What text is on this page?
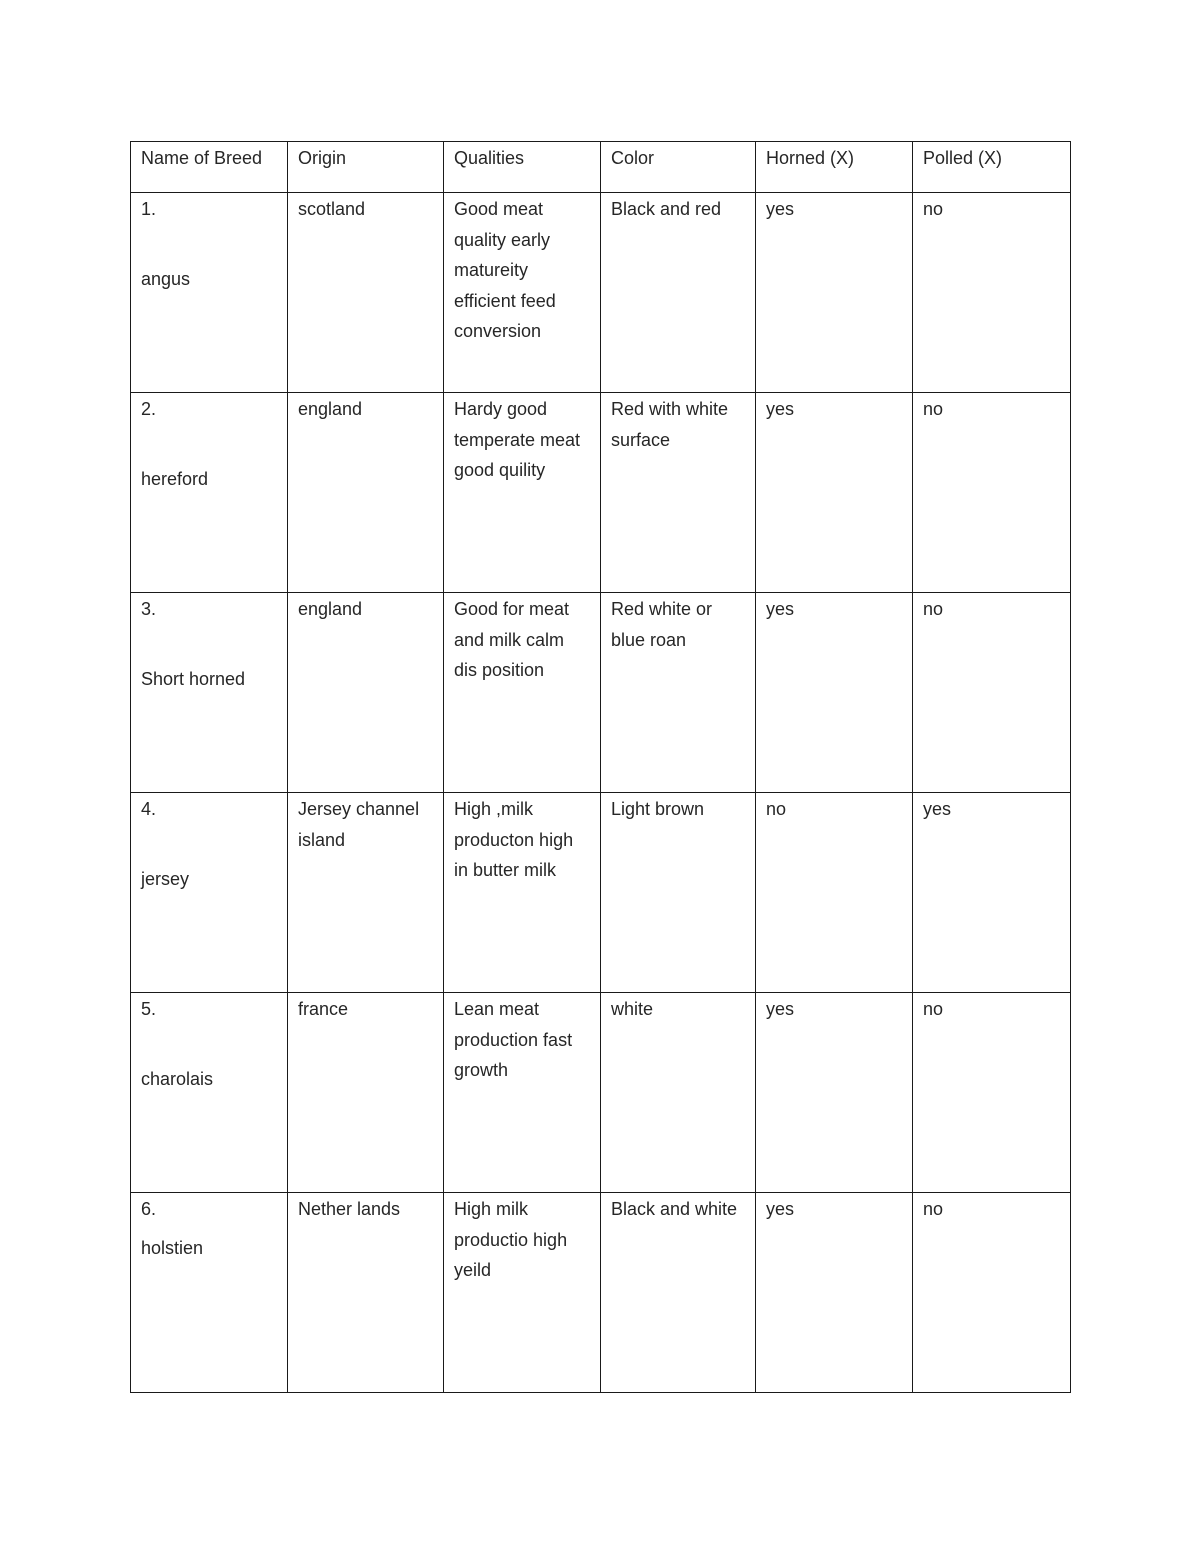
Name of Breed	Origin	Qualities	Color	Horned (X)	Polled (X)

1.
angus	scotland	Good meat quality early matureity efficient feed conversion	Black and red	yes	no

2.
hereford	england	Hardy good temperate meat good quility	Red with white surface	yes	no

3.
Short horned	england	Good for meat and milk calm dis position	Red white or blue roan	yes	no

4.
jersey	Jersey channel island	High ,milk producton high in butter milk	Light brown	no	yes

5.
charolais	france	Lean meat production fast growth	white	yes	no

6.
holstien	Nether lands	High milk productio high yeild	Black and white	yes	no
